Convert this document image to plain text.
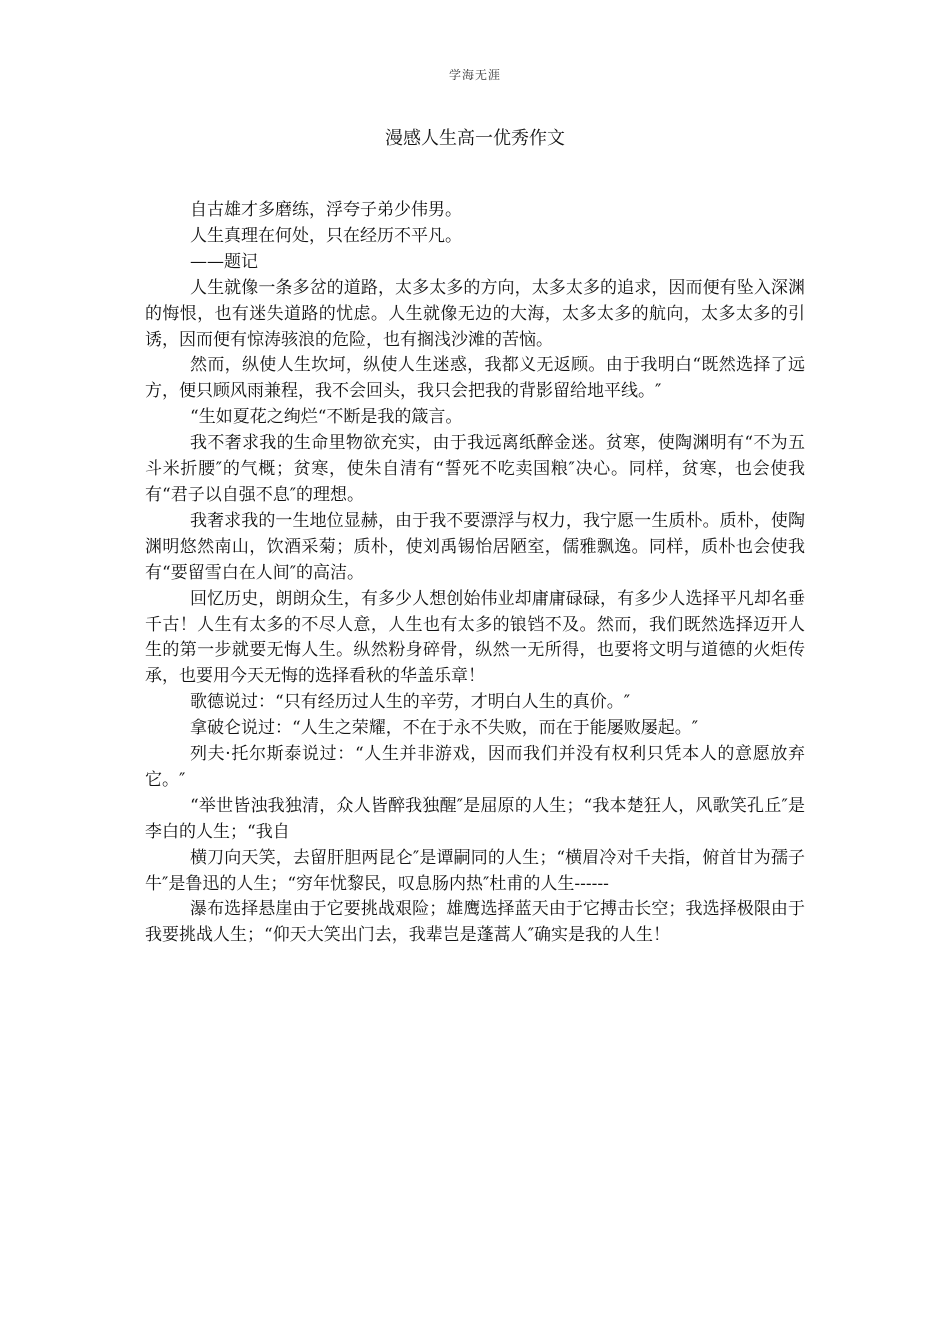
学海无涯
漫感人生高一优秀作文

自古雄才多磨练，浮夸子弟少伟男。

人生真理在何处，只在经历不平凡。

——题记

人生就像一条多岔的道路，太多太多的方向，太多太多的追求，因而便有坠入深渊的悔恨，也有迷失道路的忧虑。人生就像无边的大海，太多太多的航向，太多太多的引诱，因而便有惊涛骇浪的危险，也有搁浅沙滩的苦恼。

然而，纵使人生坎坷，纵使人生迷惑，我都义无返顾。由于我明白“既然选择了远方，便只顾风雨兼程，我不会回头，我只会把我的背影留给地平线。″

“生如夏花之绚烂“不断是我的箴言。

我不奢求我的生命里物欲充实，由于我远离纸醉金迷。贫寒，使陶渊明有“不为五斗米折腰″的气概；贫寒，使朱自清有“誓死不吃卖国粮″决心。同样，贫寒，也会使我有“君子以自强不息″的理想。

我奢求我的一生地位显赫，由于我不要漂浮与权力，我宁愿一生质朴。质朴，使陶渊明悠然南山，饮酒采菊；质朴，使刘禹锡怡居陋室，儒雅飘逸。同样，质朴也会使我有“要留雪白在人间″的高洁。

回忆历史，朗朗众生，有多少人想创始伟业却庸庸碌碌，有多少人选择平凡却名垂千古！人生有太多的不尽人意，人生也有太多的锒铛不及。然而，我们既然选择迈开人生的第一步就要无悔人生。纵然粉身碎骨，纵然一无所得，也要将文明与道德的火炬传承，也要用今天无悔的选择看秋的华盖乐章！

歌德说过：“只有经历过人生的辛劳，才明白人生的真价。″

拿破仑说过：“人生之荣耀，不在于永不失败，而在于能屡败屡起。″

列夫·托尔斯泰说过：“人生并非游戏，因而我们并没有权利只凭本人的意愿放弃它。″

“举世皆浊我独清，众人皆醉我独醒″是屈原的人生；“我本楚狂人，风歌笑孔丘″是李白的人生；“我自

横刀向天笑，去留肝胆两昆仑″是谭嗣同的人生；“横眉冷对千夫指，俯首甘为孺子牛″是鲁迅的人生；“穷年忧黎民，叹息肠内热″杜甫的人生------

瀑布选择悬崖由于它要挑战艰险；雄鹰选择蓝天由于它搏击长空；我选择极限由于我要挑战人生；“仰天大笑出门去，我辈岂是蓬蒿人″确实是我的人生！
